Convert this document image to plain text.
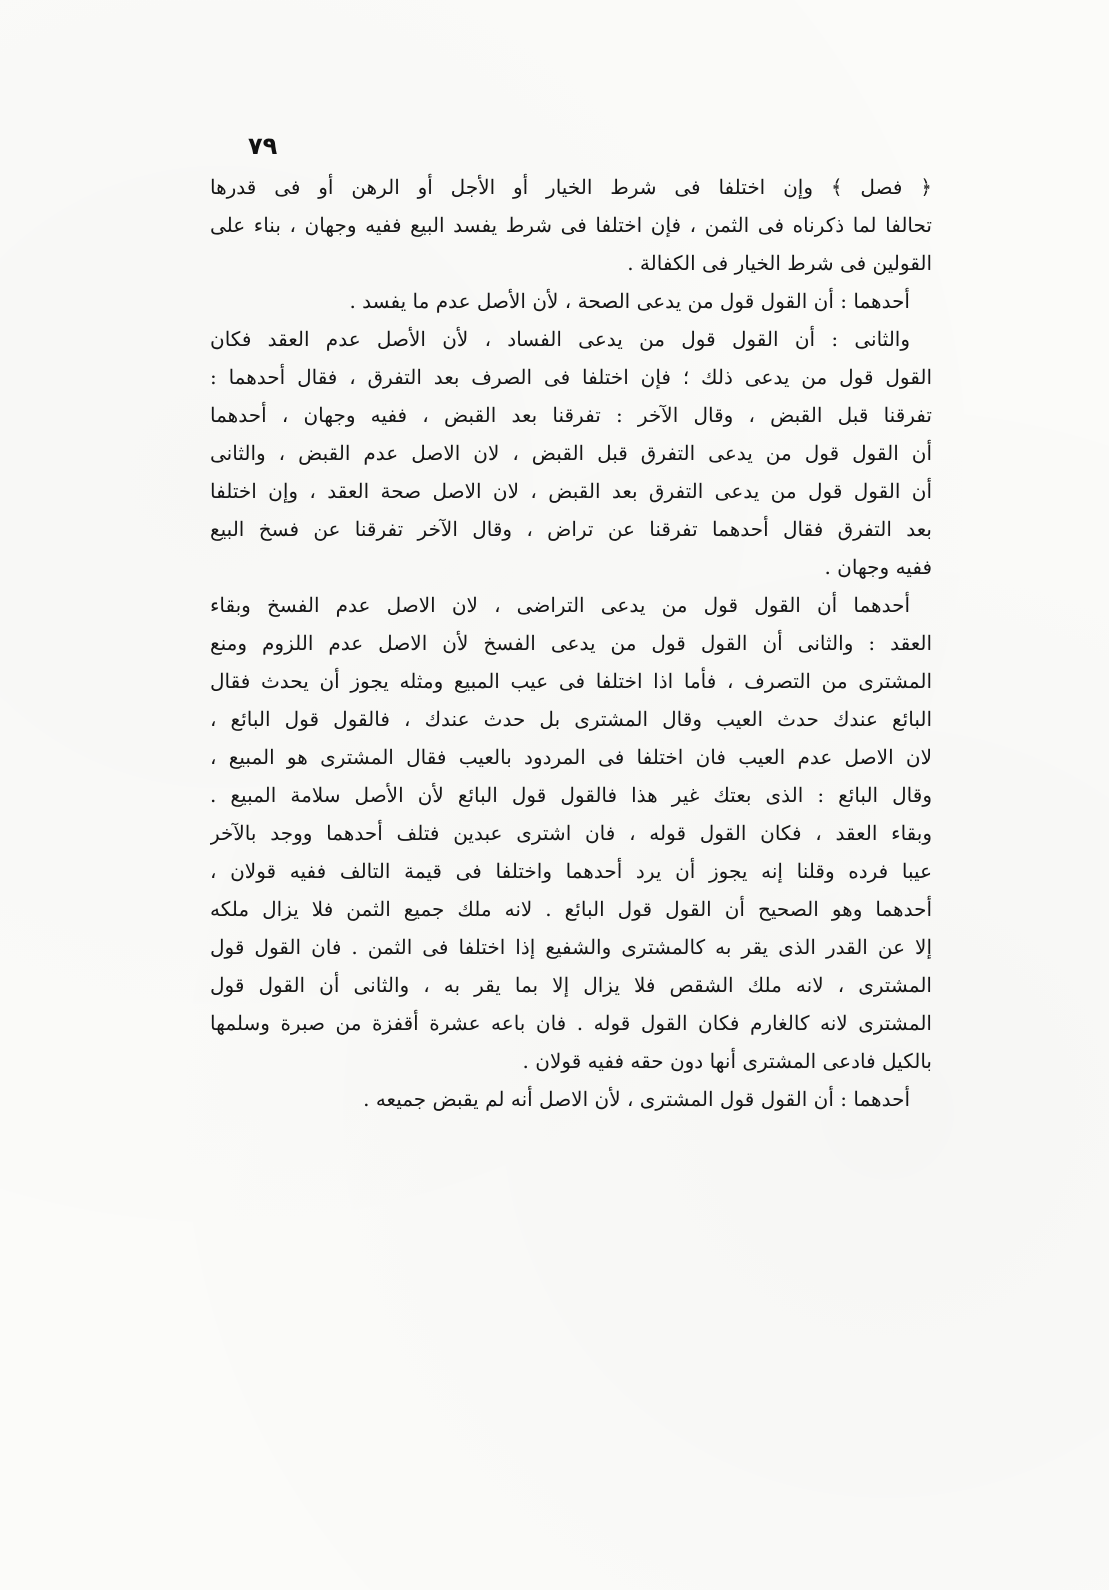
٧٩
﴿ فصل ﴾ وإن اختلفا فى شرط الخيار أو الأجل أو الرهن أو فى قدرها
تحالفا لما ذكرناه فى الثمن ، فإن اختلفا فى شرط يفسد البيع ففيه وجهان ، بناء على
القولين فى شرط الخيار فى الكفالة .
أحدهما : أن القول قول من يدعى الصحة ، لأن الأصل عدم ما يفسد .
والثانى : أن القول قول من يدعى الفساد ، لأن الأصل عدم العقد فكان
القول قول من يدعى ذلك ؛ فإن اختلفا فى الصرف بعد التفرق ، فقال أحدهما :
تفرقنا قبل القبض ، وقال الآخر : تفرقنا بعد القبض ، ففيه وجهان ، أحدهما
أن القول قول من يدعى التفرق قبل القبض ، لان الاصل عدم القبض ، والثانى
أن القول قول من يدعى التفرق بعد القبض ، لان الاصل صحة العقد ، وإن اختلفا
بعد التفرق فقال أحدهما تفرقنا عن تراض ، وقال الآخر تفرقنا عن فسخ البيع
ففيه وجهان .
أحدهما أن القول قول من يدعى التراضى ، لان الاصل عدم الفسخ وبقاء
العقد : والثانى أن القول قول من يدعى الفسخ لأن الاصل عدم اللزوم ومنع
المشترى من التصرف ، فأما اذا اختلفا فى عيب المبيع ومثله يجوز أن يحدث فقال
البائع عندك حدث العيب وقال المشترى بل حدث عندك ، فالقول قول البائع ،
لان الاصل عدم العيب فان اختلفا فى المردود بالعيب فقال المشترى هو المبيع ،
وقال البائع : الذى بعتك غير هذا فالقول قول البائع لأن الأصل سلامة المبيع .
وبقاء العقد ، فكان القول قوله ، فان اشترى عبدين فتلف أحدهما ووجد بالآخر
عيبا فرده وقلنا إنه يجوز أن يرد أحدهما واختلفا فى قيمة التالف ففيه قولان ،
أحدهما وهو الصحيح أن القول قول البائع . لانه ملك جميع الثمن فلا يزال ملكه
إلا عن القدر الذى يقر به كالمشترى والشفيع إذا اختلفا فى الثمن . فان القول قول
المشترى ، لانه ملك الشقص فلا يزال إلا بما يقر به ، والثانى أن القول قول
المشترى لانه كالغارم فكان القول قوله . فان باعه عشرة أقفزة من صبرة وسلمها
بالكيل فادعى المشترى أنها دون حقه ففيه قولان .
أحدهما : أن القول قول المشترى ، لأن الاصل أنه لم يقبض جميعه .
